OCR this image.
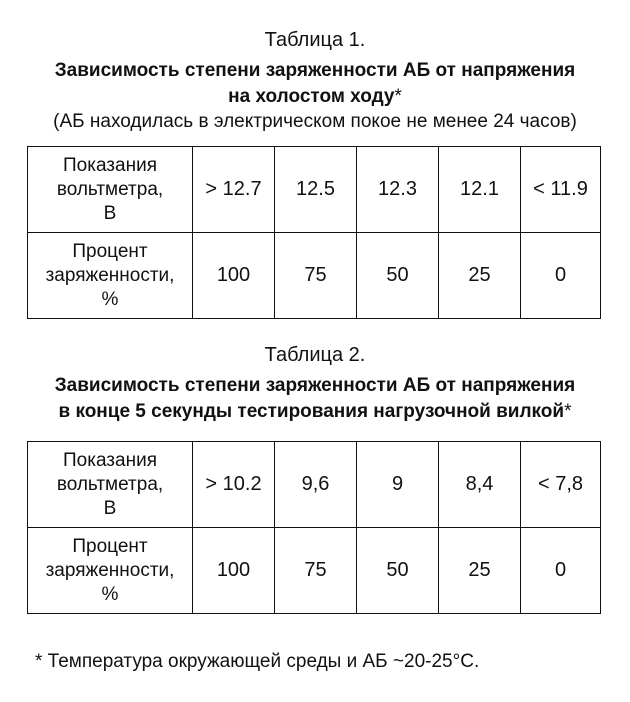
Таблица 1.
Зависимость степени заряженности АБ от напряжения
на холостом ходу*
(АБ находилась в электрическом покое не менее 24 часов)
Показания
вольтметра,
В	> 12.7	12.5	12.3	12.1	< 11.9
Процент
заряженности,
%	100	75	50	25	0
Таблица 2.
Зависимость степени заряженности АБ от напряжения
в конце 5 секунды тестирования нагрузочной вилкой*
Показания
вольтметра,
В	> 10.2	9,6	9	8,4	< 7,8
Процент
заряженности,
%	100	75	50	25	0
* Температура окружающей среды и АБ ~20-25°С.
